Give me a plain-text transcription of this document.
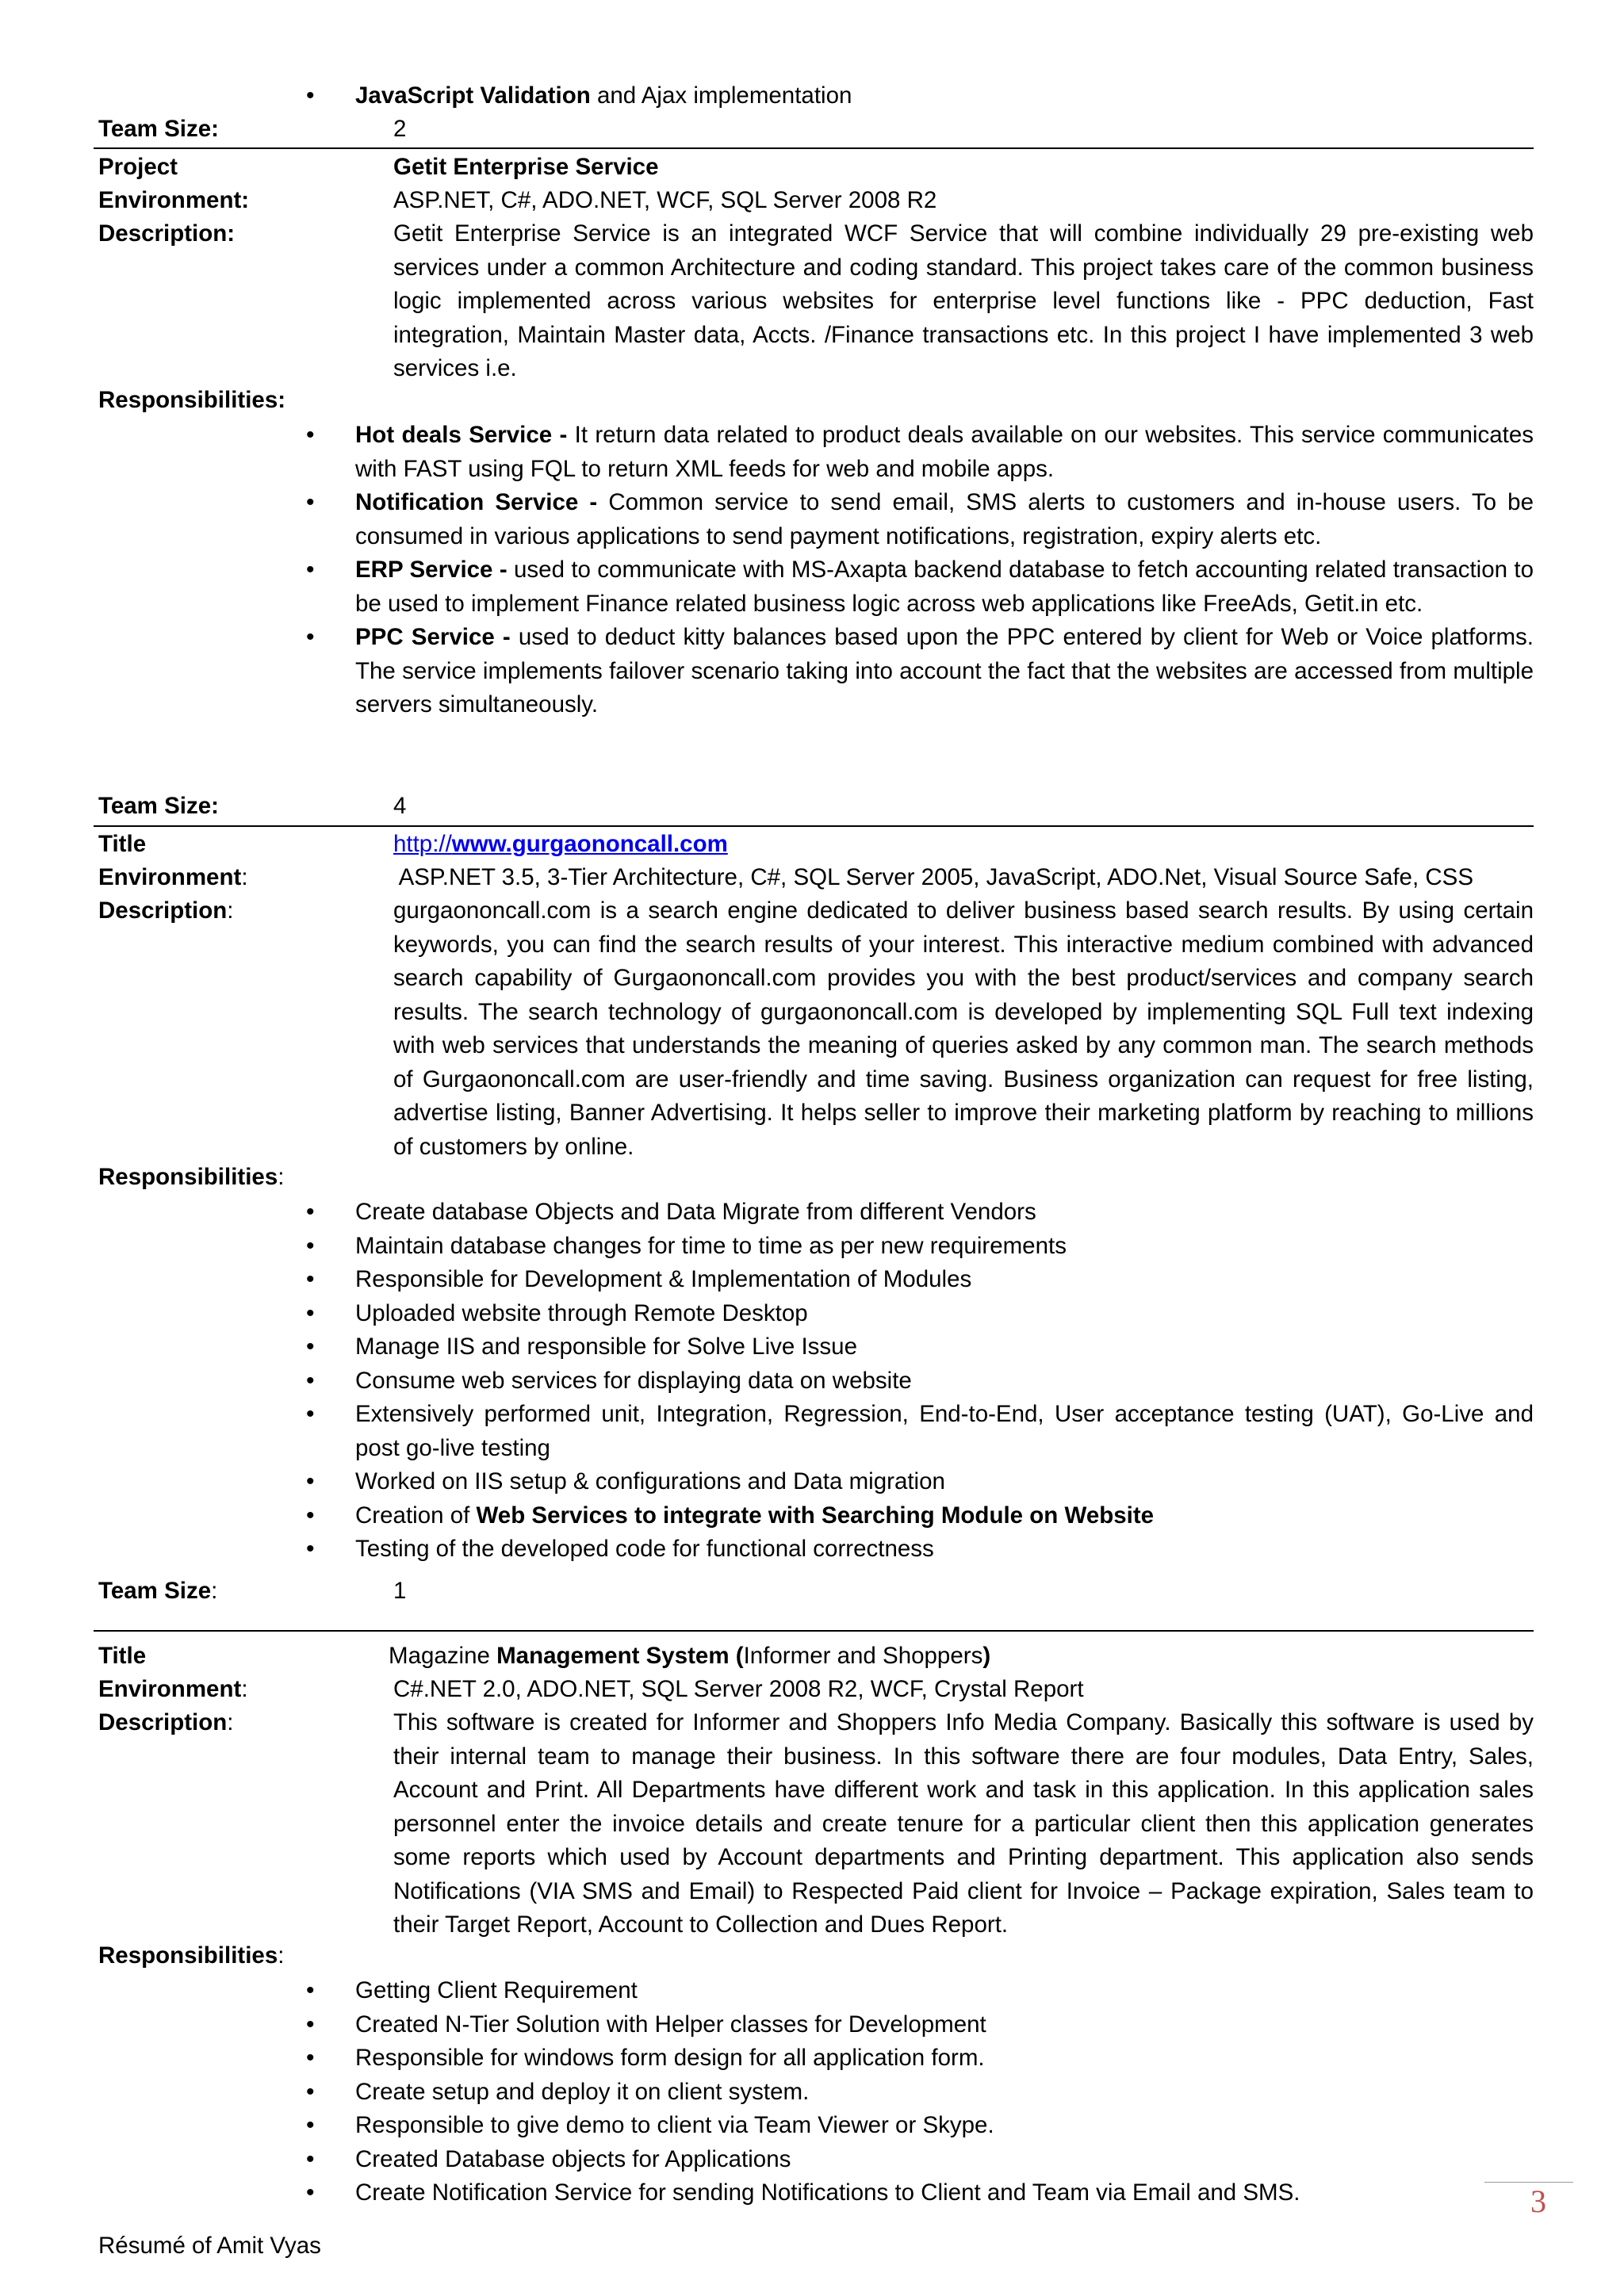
• JavaScript Validation and Ajax implementation
Team Size:	2
Project	Getit Enterprise Service
Environment:	ASP.NET, C#, ADO.NET, WCF, SQL Server 2008 R2
Description:	Getit Enterprise Service is an integrated WCF Service that will combine individually 29 pre-existing web services under a common Architecture and coding standard. This project takes care of the common business logic implemented across various websites for enterprise level functions like - PPC deduction, Fast integration, Maintain Master data, Accts. /Finance transactions etc. In this project I have implemented 3 web services i.e.
Responsibilities:
• Hot deals Service - It return data related to product deals available on our websites. This service communicates with FAST using FQL to return XML feeds for web and mobile apps.
• Notification Service - Common service to send email, SMS alerts to customers and in-house users. To be consumed in various applications to send payment notifications, registration, expiry alerts etc.
• ERP Service - used to communicate with MS-Axapta backend database to fetch accounting related transaction to be used to implement Finance related business logic across web applications like FreeAds, Getit.in etc.
• PPC Service - used to deduct kitty balances based upon the PPC entered by client for Web or Voice platforms. The service implements failover scenario taking into account the fact that the websites are accessed from multiple servers simultaneously.
Team Size:	4
Title	http://www.gurgaononcall.com
Environment:	ASP.NET 3.5, 3-Tier Architecture, C#, SQL Server 2005, JavaScript, ADO.Net, Visual Source Safe, CSS
Description:	gurgaononcall.com is a search engine dedicated to deliver business based search results. By using certain keywords, you can find the search results of your interest. This interactive medium combined with advanced search capability of Gurgaononcall.com provides you with the best product/services and company search results. The search technology of gurgaononcall.com is developed by implementing SQL Full text indexing with web services that understands the meaning of queries asked by any common man. The search methods of Gurgaononcall.com are user-friendly and time saving. Business organization can request for free listing, advertise listing, Banner Advertising. It helps seller to improve their marketing platform by reaching to millions of customers by online.
Responsibilities:
• Create database Objects and Data Migrate from different Vendors
• Maintain database changes for time to time as per new requirements
• Responsible for Development & Implementation of Modules
• Uploaded website through Remote Desktop
• Manage IIS and responsible for Solve Live Issue
• Consume web services for displaying data on website
• Extensively performed unit, Integration, Regression, End-to-End, User acceptance testing (UAT), Go-Live and post go-live testing
• Worked on IIS setup & configurations and Data migration
• Creation of Web Services to integrate with Searching Module on Website
• Testing of the developed code for functional correctness
Team Size:	1
Title	Magazine Management System (Informer and Shoppers)
Environment:	C#.NET 2.0, ADO.NET, SQL Server 2008 R2, WCF, Crystal Report
Description:	This software is created for Informer and Shoppers Info Media Company. Basically this software is used by their internal team to manage their business. In this software there are four modules, Data Entry, Sales, Account and Print. All Departments have different work and task in this application. In this application sales personnel enter the invoice details and create tenure for a particular client then this application generates some reports which used by Account departments and Printing department. This application also sends Notifications (VIA SMS and Email) to Respected Paid client for Invoice – Package expiration, Sales team to their Target Report, Account to Collection and Dues Report.
Responsibilities:
• Getting Client Requirement
• Created N-Tier Solution with Helper classes for Development
• Responsible for windows form design for all application form.
• Create setup and deploy it on client system.
• Responsible to give demo to client via Team Viewer or Skype.
• Created Database objects for Applications
• Create Notification Service for sending Notifications to Client and Team via Email and SMS.	3
Résumé of Amit Vyas
